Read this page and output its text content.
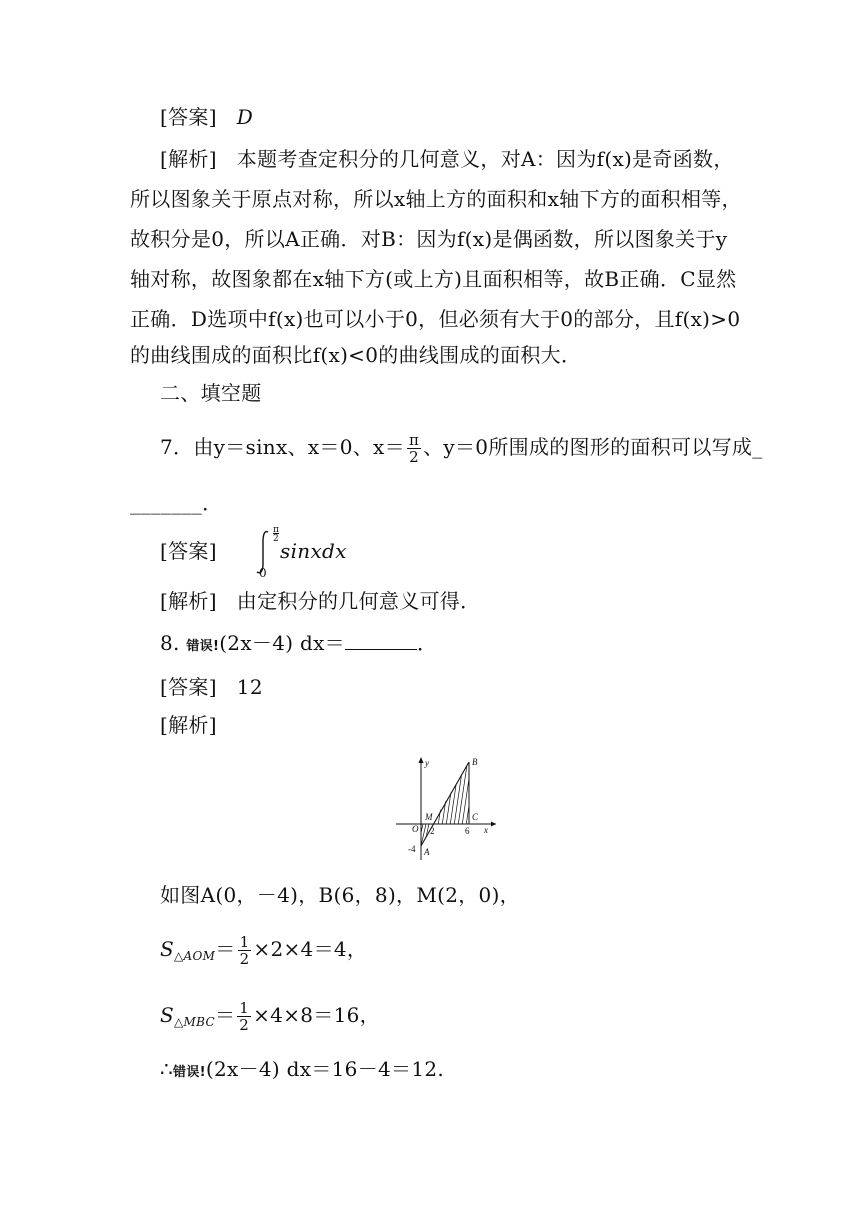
[答案] D
[解析] 本题考查定积分的几何意义，对A：因为f(x)是奇函数，
所以图象关于原点对称，所以x轴上方的面积和x轴下方的面积相等，
故积分是0，所以A正确．对B：因为f(x)是偶函数，所以图象关于y
轴对称，故图象都在x轴下方(或上方)且面积相等，故B正确．C显然
正确．D选项中f(x)也可以小于0，但必须有大于0的部分，且f(x)>0
的曲线围成的面积比f(x)<0的曲线围成的面积大．
二、填空题
7．由y＝sinx、x＝0、$x= \frac{\pi}{2}$ 、y＝0所围成的图形的面积可以写成_
_______．
[答案]
π
2
0
sinxdx
[解析] 由定积分的几何意义可得．
8. 错误!(2x－4) dx＝	．
[答案] 12
[解析]
y	B
M	C
O	x
A
2	6
-4
如图A(0，－4)，B(6，8)，M(2，0)，
$S_{\triangle AOM}= \frac{1}{2} \times 2\times 4=4$，
$S_{\triangle MBC}= \frac{1}{2} \times 4\times 8=16$，
∴错误!(2x－4) dx＝16－4＝12.
